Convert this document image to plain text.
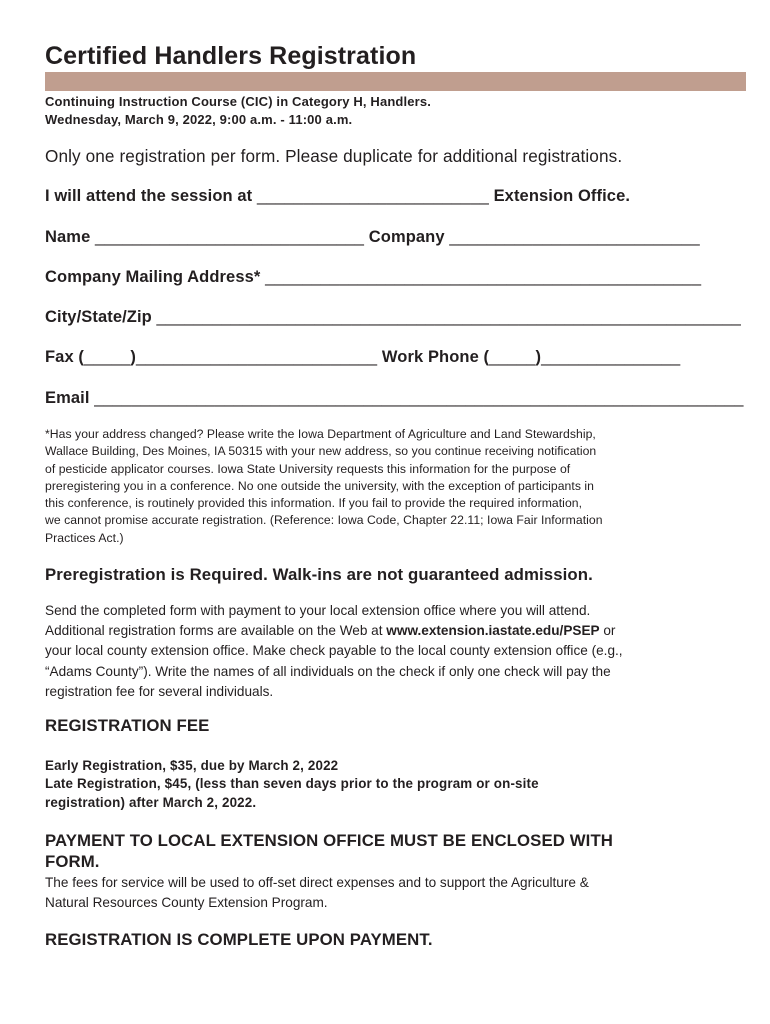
Certified Handlers Registration
Continuing Instruction Course (CIC) in Category H, Handlers.
Wednesday, March 9, 2022, 9:00 a.m. - 11:00 a.m.
Only one registration per form. Please duplicate for additional registrations.
I will attend the session at _________________________ Extension Office.
Name _____________________________ Company ___________________________
Company Mailing Address* _______________________________________________
City/State/Zip _______________________________________________________________
Fax (_____)__________________________ Work Phone (_____)_______________
Email ______________________________________________________________________
*Has your address changed? Please write the Iowa Department of Agriculture and Land Stewardship,
Wallace Building, Des Moines, IA 50315 with your new address, so you continue receiving notification
of pesticide applicator courses. Iowa State University requests this information for the purpose of
preregistering you in a conference. No one outside the university, with the exception of participants in
this conference, is routinely provided this information. If you fail to provide the required information,
we cannot promise accurate registration. (Reference: Iowa Code, Chapter 22.11; Iowa Fair Information
Practices Act.)
Preregistration is Required. Walk-ins are not guaranteed admission.
Send the completed form with payment to your local extension office where you will attend.
Additional registration forms are available on the Web at www.extension.iastate.edu/PSEP or
your local county extension office. Make check payable to the local county extension office (e.g.,
“Adams County”). Write the names of all individuals on the check if only one check will pay the
registration fee for several individuals.
REGISTRATION FEE
Early Registration, $35, due by March 2, 2022
Late Registration, $45, (less than seven days prior to the program or on-site
registration) after March 2, 2022.
PAYMENT TO LOCAL EXTENSION OFFICE MUST BE ENCLOSED WITH
FORM.
The fees for service will be used to off-set direct expenses and to support the Agriculture &
Natural Resources County Extension Program.
REGISTRATION IS COMPLETE UPON PAYMENT.
